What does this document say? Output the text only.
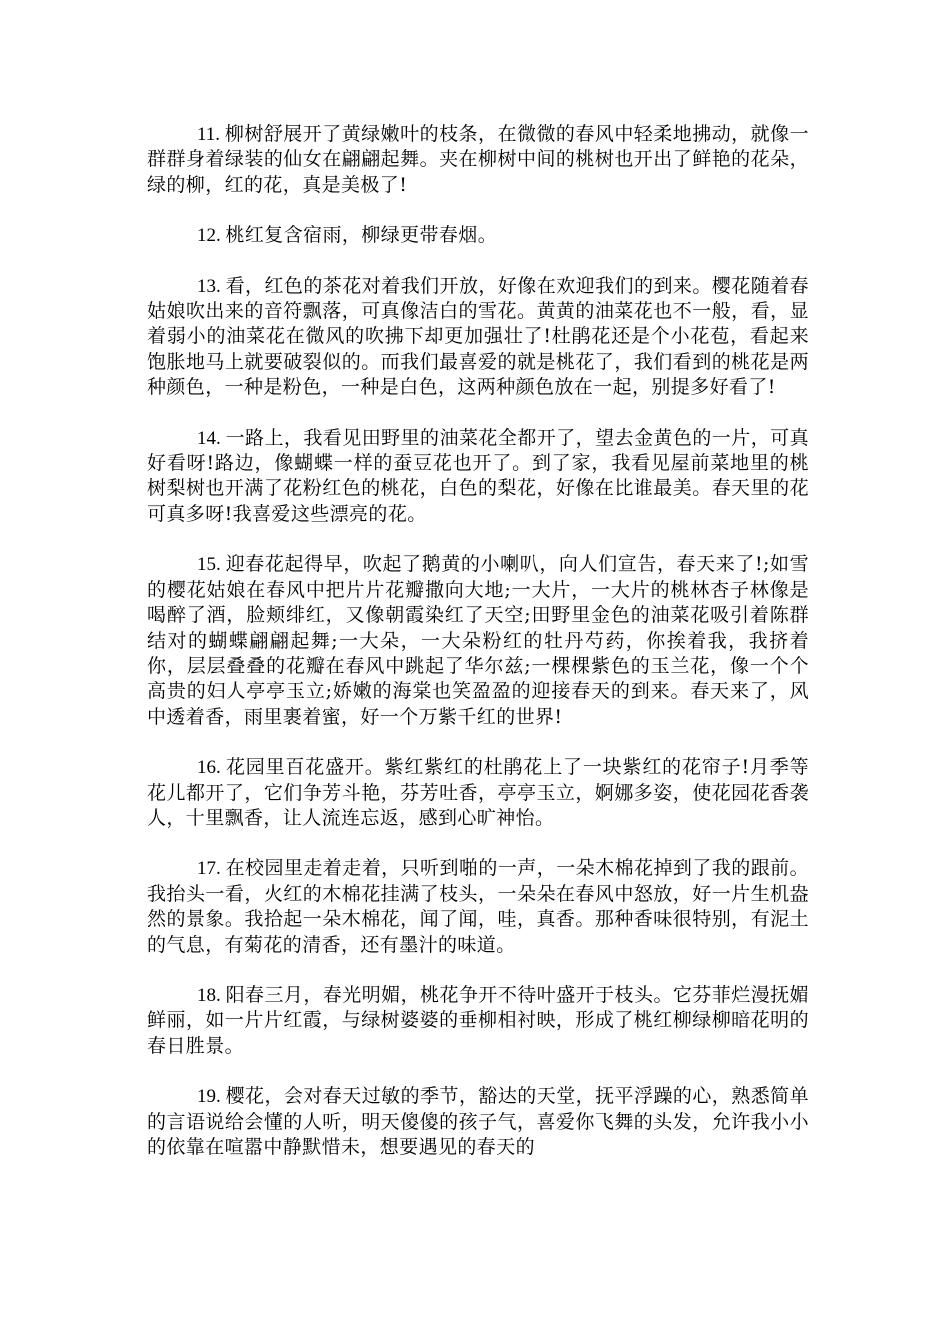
11. 柳树舒展开了黄绿嫩叶的枝条，在微微的春风中轻柔地拂动，就像一群群身着绿装的仙女在翩翩起舞。夹在柳树中间的桃树也开出了鲜艳的花朵，绿的柳，红的花，真是美极了!

12. 桃红复含宿雨，柳绿更带春烟。

13. 看，红色的茶花对着我们开放，好像在欢迎我们的到来。樱花随着春姑娘吹出来的音符飘落，可真像洁白的雪花。黄黄的油菜花也不一般，看，显着弱小的油菜花在微风的吹拂下却更加强壮了!杜鹃花还是个小花苞，看起来饱胀地马上就要破裂似的。而我们最喜爱的就是桃花了，我们看到的桃花是两种颜色，一种是粉色，一种是白色，这两种颜色放在一起，别提多好看了!

14. 一路上，我看见田野里的油菜花全都开了，望去金黄色的一片，可真好看呀!路边，像蝴蝶一样的蚕豆花也开了。到了家，我看见屋前菜地里的桃树梨树也开满了花粉红色的桃花，白色的梨花，好像在比谁最美。春天里的花可真多呀!我喜爱这些漂亮的花。

15. 迎春花起得早，吹起了鹅黄的小喇叭，向人们宣告，春天来了!;如雪的樱花姑娘在春风中把片片花瓣撒向大地;一大片，一大片的桃林杏子林像是喝醉了酒，脸颊绯红，又像朝霞染红了天空;田野里金色的油菜花吸引着陈群结对的蝴蝶翩翩起舞;一大朵，一大朵粉红的牡丹芍药，你挨着我，我挤着你，层层叠叠的花瓣在春风中跳起了华尔兹;一棵棵紫色的玉兰花，像一个个高贵的妇人亭亭玉立;娇嫩的海棠也笑盈盈的迎接春天的到来。春天来了，风中透着香，雨里裹着蜜，好一个万紫千红的世界!

16. 花园里百花盛开。紫红紫红的杜鹃花上了一块紫红的花帘子!月季等花儿都开了，它们争芳斗艳，芬芳吐香，亭亭玉立，婀娜多姿，使花园花香袭人，十里飘香，让人流连忘返，感到心旷神怡。

17. 在校园里走着走着，只听到啪的一声，一朵木棉花掉到了我的跟前。我抬头一看，火红的木棉花挂满了枝头，一朵朵在春风中怒放，好一片生机盎然的景象。我拾起一朵木棉花，闻了闻，哇，真香。那种香味很特别，有泥土的气息，有菊花的清香，还有墨汁的味道。

18. 阳春三月，春光明媚，桃花争开不待叶盛开于枝头。它芬菲烂漫抚媚鲜丽，如一片片红霞，与绿树婆婆的垂柳相衬映，形成了桃红柳绿柳暗花明的春日胜景。

19. 樱花，会对春天过敏的季节，豁达的天堂，抚平浮躁的心，熟悉简单的言语说给会懂的人听，明天傻傻的孩子气，喜爱你飞舞的头发，允许我小小的依靠在喧嚣中静默惜未，想要遇见的春天的
